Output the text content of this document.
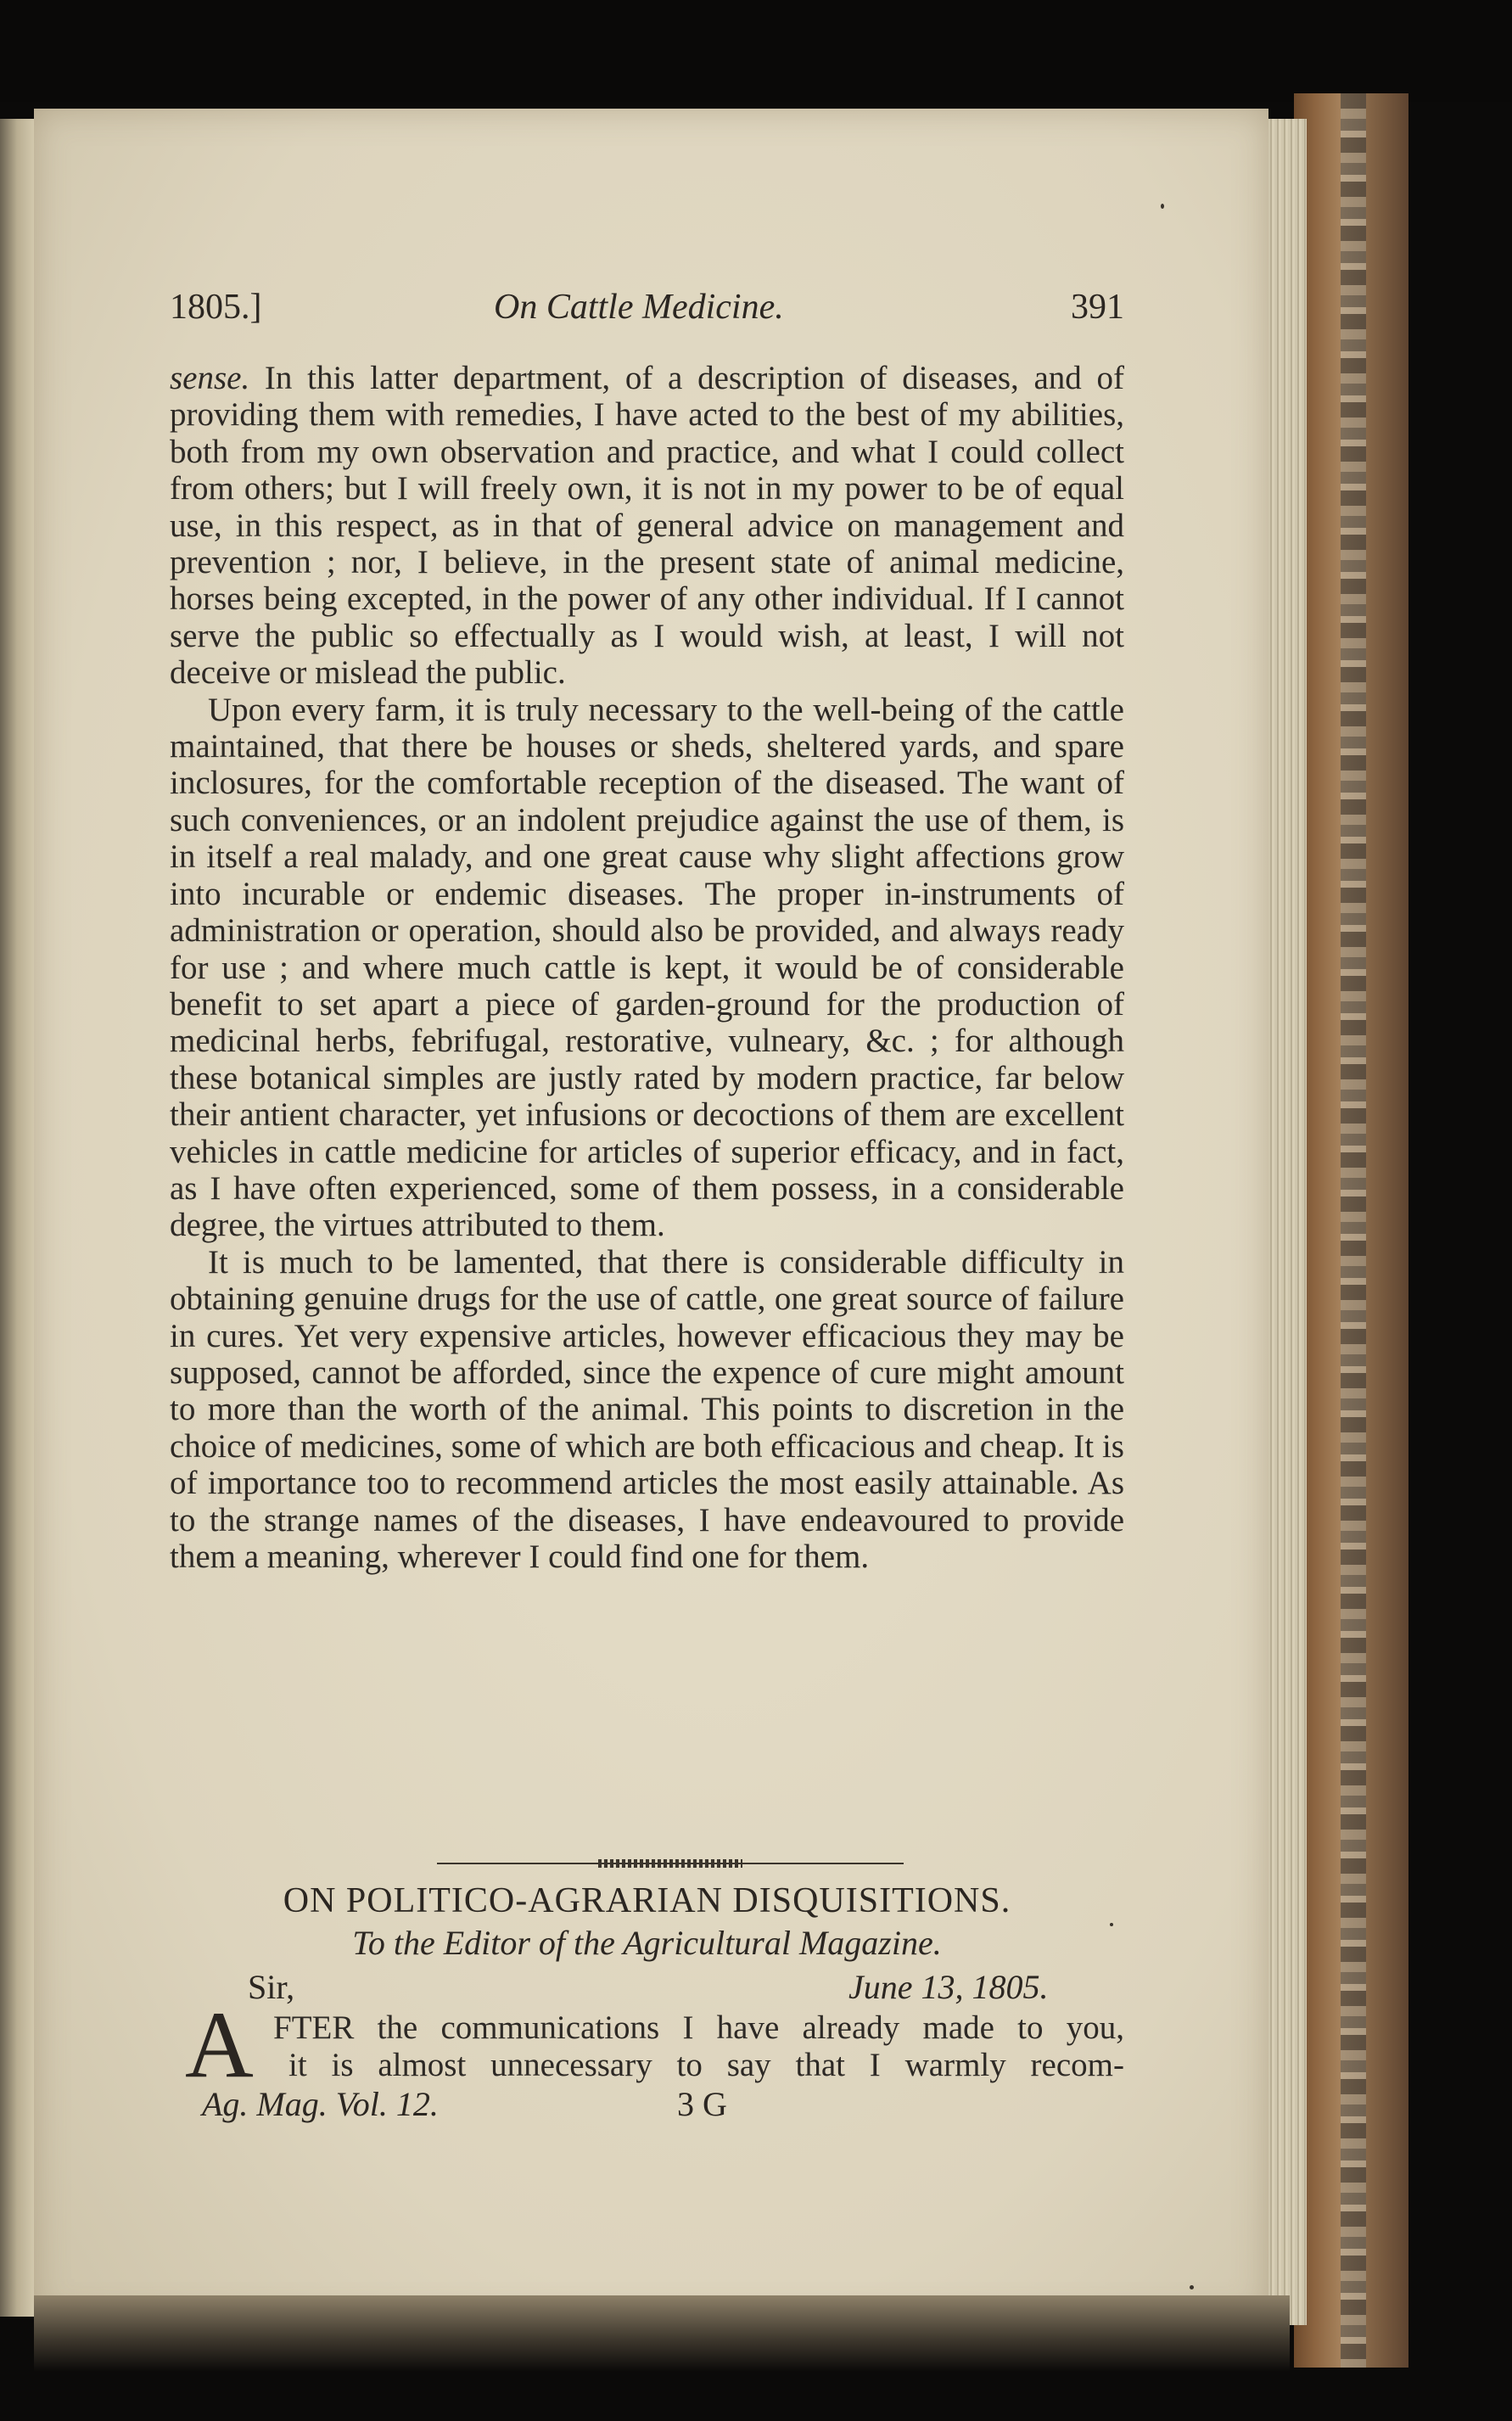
1805.]	On Cattle Medicine.	391

sense. In this latter department, of a description of diseases, and of providing them with remedies, I have acted to the best of my abilities, both from my own observation and practice, and what I could collect from others; but I will freely own, it is not in my power to be of equal use, in this respect, as in that of general advice on management and prevention ; nor, I believe, in the present state of animal medicine, horses being excepted, in the power of any other individual. If I cannot serve the public so effectually as I would wish, at least, I will not deceive or mislead the public.

Upon every farm, it is truly necessary to the well-being of the cattle maintained, that there be houses or sheds, sheltered yards, and spare inclosures, for the comfortable reception of the diseased. The want of such conveniences, or an indolent prejudice against the use of them, is in itself a real malady, and one great cause why slight affections grow into incurable or endemic diseases. The proper in-instruments of administration or operation, should also be provided, and always ready for use ; and where much cattle is kept, it would be of considerable benefit to set apart a piece of garden-ground for the production of medicinal herbs, febrifugal, restorative, vulneary, &c. ; for although these botanical simples are justly rated by modern practice, far below their antient character, yet infusions or decoctions of them are excellent vehicles in cattle medicine for articles of superior efficacy, and in fact, as I have often experienced, some of them possess, in a considerable degree, the virtues attributed to them.

It is much to be lamented, that there is considerable difficulty in obtaining genuine drugs for the use of cattle, one great source of failure in cures. Yet very expensive articles, however efficacious they may be supposed, cannot be afforded, since the expence of cure might amount to more than the worth of the animal. This points to discretion in the choice of medicines, some of which are both efficacious and cheap. It is of importance too to recommend articles the most easily attainable. As to the strange names of the diseases, I have endeavoured to provide them a meaning, wherever I could find one for them.

ON POLITICO-AGRARIAN DISQUISITIONS.
To the Editor of the Agricultural Magazine.
Sir,	June 13, 1805.
A FTER the communications I have already made to you,
it is almost unnecessary to say that I warmly recom-
Ag. Mag. Vol. 12.	3 G
